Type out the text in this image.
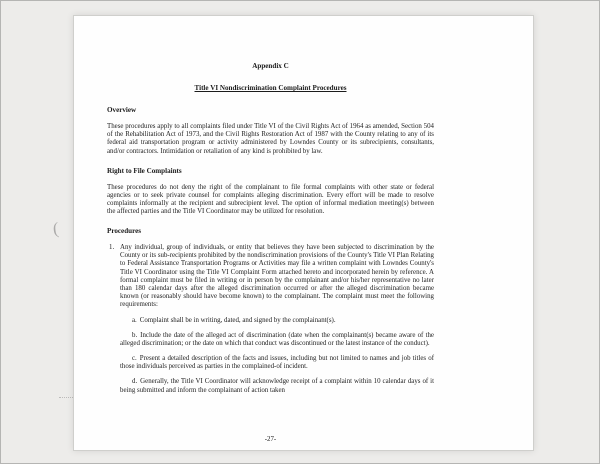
(
Appendix C
Title VI Nondiscrimination Complaint Procedures
Overview

These procedures apply to all complaints filed under Title VI of the Civil Rights Act of 1964 as amended, Section 504 of the Rehabilitation Act of 1973, and the Civil Rights Restoration Act of 1987 with the County relating to any of its federal aid transportation program or activity administered by Lowndes County or its subrecipients, consultants, and/or contractors. Intimidation or retaliation of any kind is prohibited by law.

Right to File Complaints

These procedures do not deny the right of the complainant to file formal complaints with other state or federal agencies or to seek private counsel for complaints alleging discrimination. Every effort will be made to resolve complaints informally at the recipient and subrecipient level. The option of informal mediation meeting(s) between the affected parties and the Title VI Coordinator may be utilized for resolution.

Procedures
1. Any individual, group of individuals, or entity that believes they have been subjected to discrimination by the County or its sub-recipients prohibited by the nondiscrimination provisions of the County's Title VI Plan Relating to Federal Assistance Transportation Programs or Activities may file a written complaint with Lowndes County's Title VI Coordinator using the Title VI Complaint Form attached hereto and incorporated herein by reference. A formal complaint must be filed in writing or in person by the complainant and/or his/her representative no later than 180 calendar days after the alleged discrimination occurred or after the alleged discrimination became known (or reasonably should have become known) to the complainant. The complaint must meet the following requirements:

a. Complaint shall be in writing, dated, and signed by the complainant(s).

b. Include the date of the alleged act of discrimination (date when the complainant(s) became aware of the alleged discrimination; or the date on which that conduct was discontinued or the latest instance of the conduct).

c. Present a detailed description of the facts and issues, including but not limited to names and job titles of those individuals perceived as parties in the complained-of incident.

d. Generally, the Title VI Coordinator will acknowledge receipt of a complaint within 10 calendar days of it being submitted and inform the complainant of action taken

-27-
